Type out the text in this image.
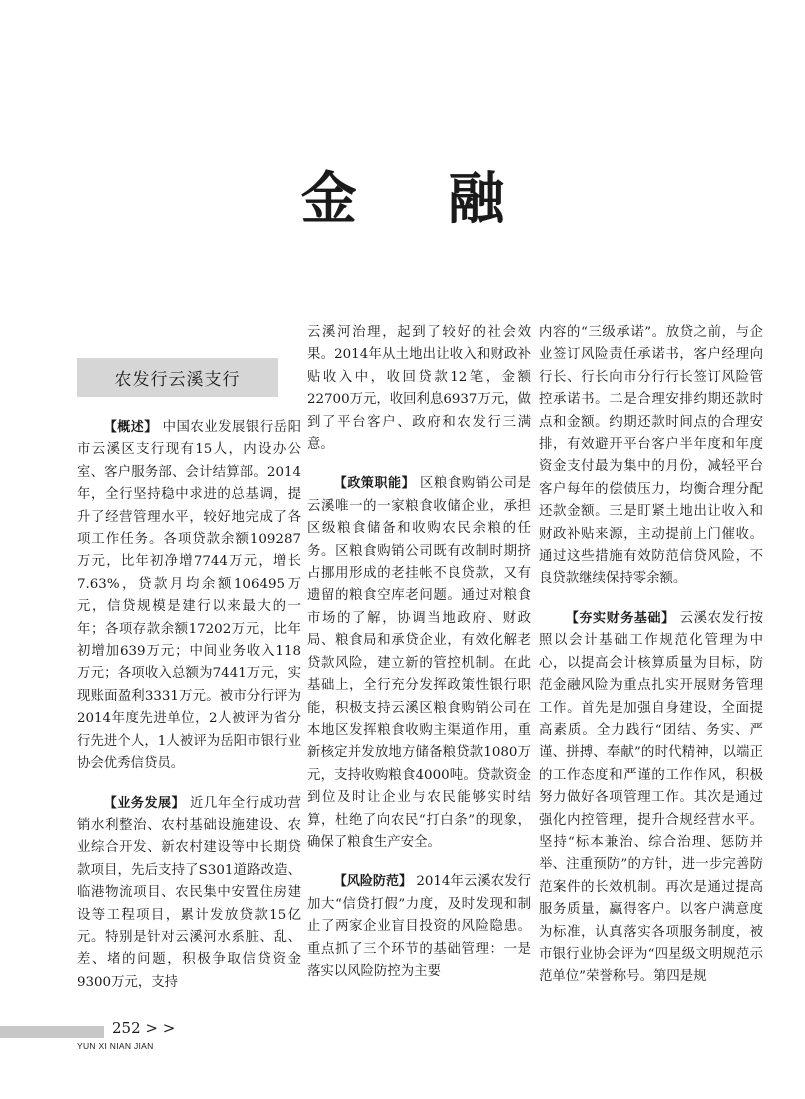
金 融
农发行云溪支行

【概述】 中国农业发展银行岳阳市云溪区支行现有15人，内设办公室、客户服务部、会计结算部。2014年，全行坚持稳中求进的总基调，提升了经营管理水平，较好地完成了各项工作任务。各项贷款余额109287万元，比年初净增7744万元，增长7.63%，贷款月均余额106495万元，信贷规模是建行以来最大的一年；各项存款余额17202万元，比年初增加639万元；中间业务收入118万元；各项收入总额为7441万元，实现账面盈利3331万元。被市分行评为2014年度先进单位，2人被评为省分行先进个人，1人被评为岳阳市银行业协会优秀信贷员。

【业务发展】 近几年全行成功营销水利整治、农村基础设施建设、农业综合开发、新农村建设等中长期贷款项目，先后支持了S301道路改造、临港物流项目、农民集中安置住房建设等工程项目，累计发放贷款15亿元。特别是针对云溪河水系脏、乱、差、堵的问题，积极争取信贷资金9300万元，支持

云溪河治理，起到了较好的社会效果。2014年从土地出让收入和财政补贴收入中，收回贷款12笔，金额22700万元，收回利息6937万元，做到了平台客户、政府和农发行三满意。

【政策职能】 区粮食购销公司是云溪唯一的一家粮食收储企业，承担区级粮食储备和收购农民余粮的任务。区粮食购销公司既有改制时期挤占挪用形成的老挂帐不良贷款，又有遗留的粮食空库老问题。通过对粮食市场的了解，协调当地政府、财政局、粮食局和承贷企业，有效化解老贷款风险，建立新的管控机制。在此基础上，全行充分发挥政策性银行职能，积极支持云溪区粮食购销公司在本地区发挥粮食收购主渠道作用，重新核定并发放地方储备粮贷款1080万元，支持收购粮食4000吨。贷款资金到位及时让企业与农民能够实时结算，杜绝了向农民“打白条”的现象，确保了粮食生产安全。

【风险防范】 2014年云溪农发行加大“信贷打假”力度，及时发现和制止了两家企业盲目投资的风险隐患。重点抓了三个环节的基础管理：一是落实以风险防控为主要

内容的“三级承诺”。放贷之前，与企业签订风险责任承诺书，客户经理向行长、行长向市分行行长签订风险管控承诺书。二是合理安排约期还款时点和金额。约期还款时间点的合理安排，有效避开平台客户半年度和年度资金支付最为集中的月份，减轻平台客户每年的偿债压力，均衡合理分配还款金额。三是盯紧土地出让收入和财政补贴来源，主动提前上门催收。通过这些措施有效防范信贷风险，不良贷款继续保持零余额。

【夯实财务基础】 云溪农发行按照以会计基础工作规范化管理为中心，以提高会计核算质量为目标，防范金融风险为重点扎实开展财务管理工作。首先是加强自身建设，全面提高素质。全力践行“团结、务实、严谨、拼搏、奉献”的时代精神，以端正的工作态度和严谨的工作作风，积极努力做好各项管理工作。其次是通过强化内控管理，提升合规经营水平。坚持“标本兼治、综合治理、惩防并举、注重预防”的方针，进一步完善防范案件的长效机制。再次是通过提高服务质量，赢得客户。以客户满意度为标准，认真落实各项服务制度，被市银行业协会评为“四星级文明规范示范单位”荣誉称号。第四是规

252 > >
YUN XI NIAN JIAN
